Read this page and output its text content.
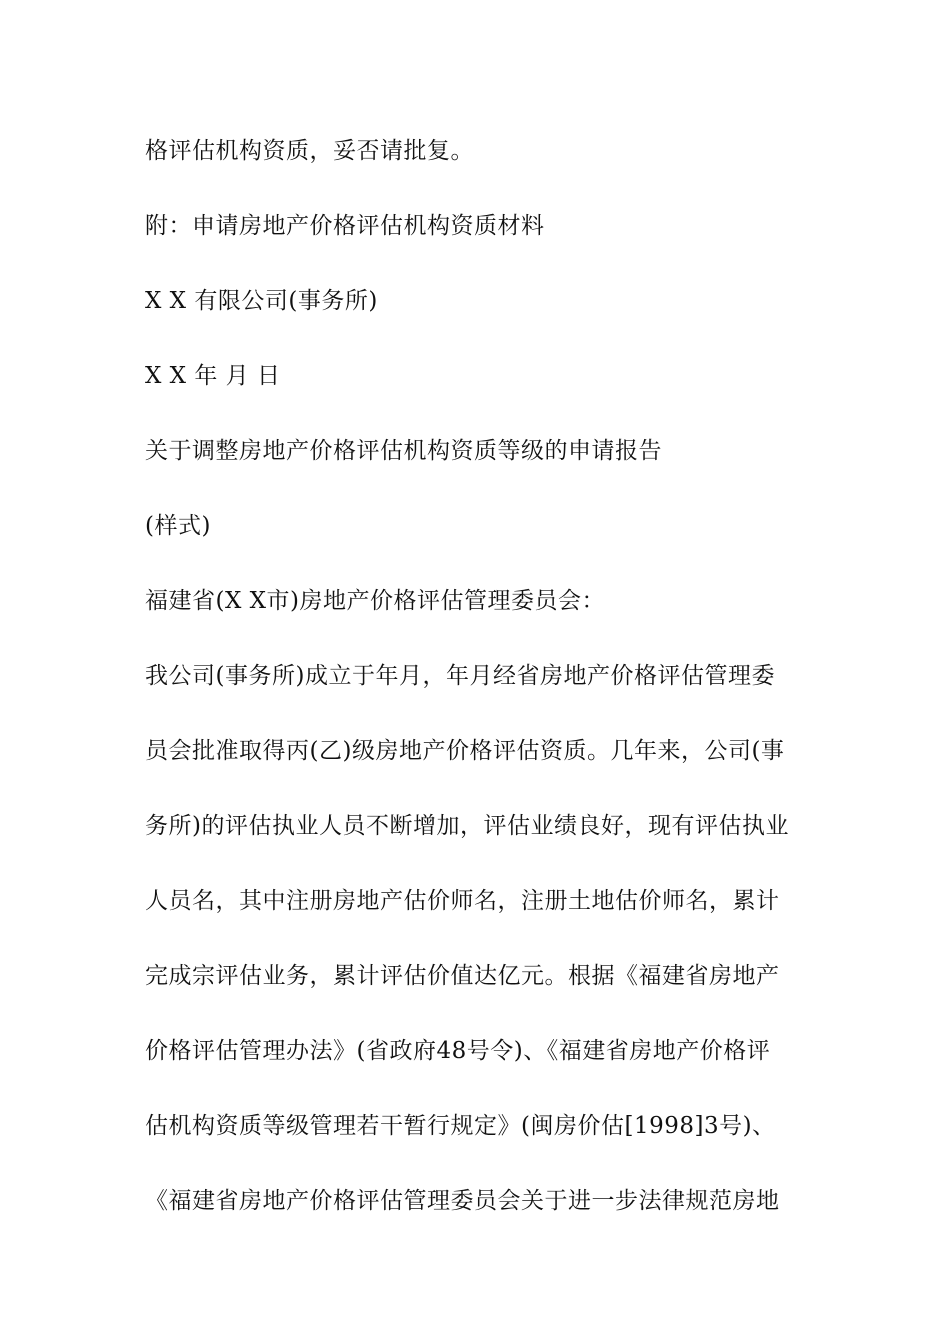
格评估机构资质，妥否请批复。
附：申请房地产价格评估机构资质材料
X X 有限公司(事务所)
X X 年 月 日
关于调整房地产价格评估机构资质等级的申请报告
(样式)
福建省(X X市)房地产价格评估管理委员会：
我公司(事务所)成立于年月，年月经省房地产价格评估管理委
员会批准取得丙(乙)级房地产价格评估资质。几年来，公司(事
务所)的评估执业人员不断增加，评估业绩良好，现有评估执业
人员名，其中注册房地产估价师名，注册土地估价师名，累计
完成宗评估业务，累计评估价值达亿元。根据《福建省房地产
价格评估管理办法》(省政府48号令)、《福建省房地产价格评
估机构资质等级管理若干暂行规定》(闽房价估[1998]3号)、
《福建省房地产价格评估管理委员会关于进一步法律规范房地
